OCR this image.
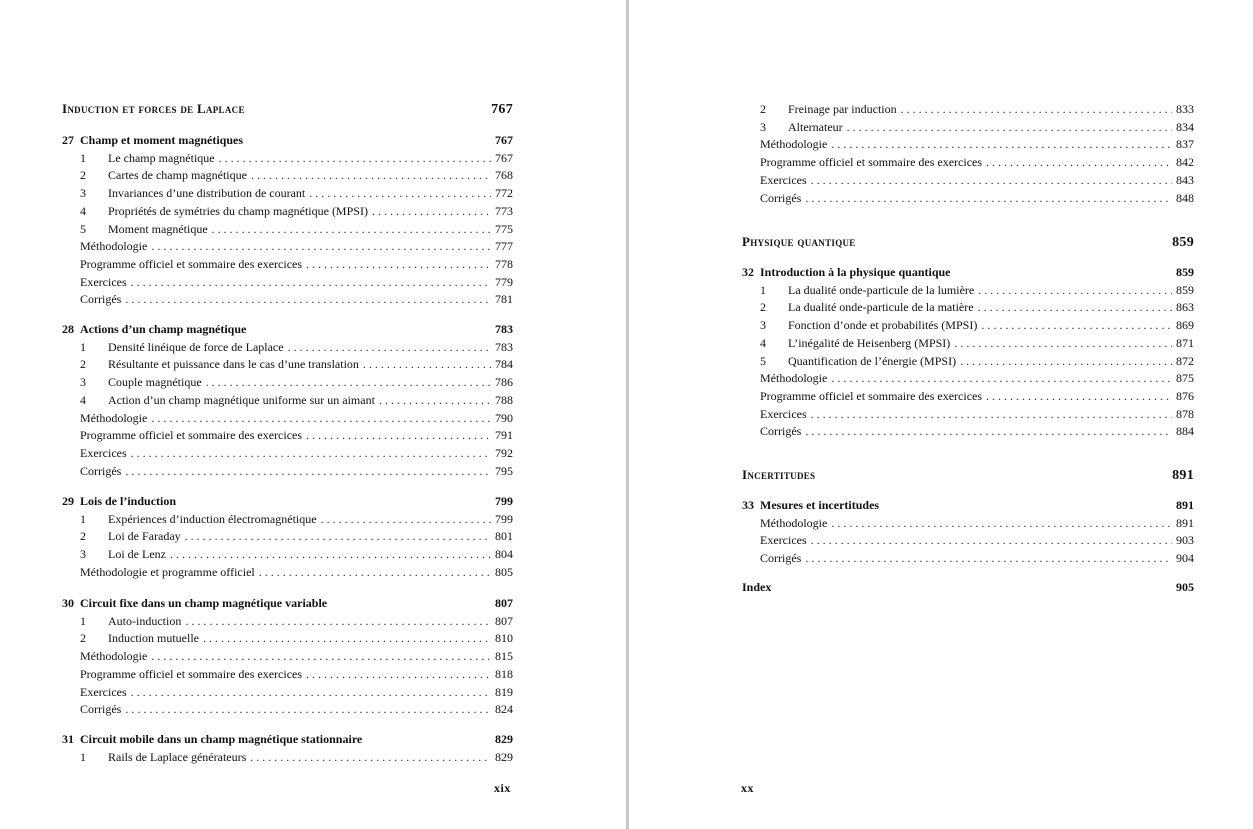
Induction et forces de Laplace	767
27 Champ et moment magnétiques	767
1	Le champ magnétique . . .	767
2	Cartes de champ magnétique . . .	768
3	Invariances d’une distribution de courant . . .	772
4	Propriétés de symétries du champ magnétique (MPSI) . . .	773
5	Moment magnétique . . .	775
Méthodologie . . .	777
Programme officiel et sommaire des exercices . . .	778
Exercices . . .	779
Corrigés . . .	781
28 Actions d’un champ magnétique	783
1	Densité linéique de force de Laplace . . .	783
2	Résultante et puissance dans le cas d’une translation . . .	784
3	Couple magnétique . . .	786
4	Action d’un champ magnétique uniforme sur un aimant . . .	788
Méthodologie . . .	790
Programme officiel et sommaire des exercices . . .	791
Exercices . . .	792
Corrigés . . .	795
29 Lois de l’induction	799
1	Expériences d’induction électromagnétique . . .	799
2	Loi de Faraday . . .	801
3	Loi de Lenz . . .	804
Méthodologie et programme officiel . . .	805
30 Circuit fixe dans un champ magnétique variable	807
1	Auto-induction . . .	807
2	Induction mutuelle . . .	810
Méthodologie . . .	815
Programme officiel et sommaire des exercices . . .	818
Exercices . . .	819
Corrigés . . .	824
31 Circuit mobile dans un champ magnétique stationnaire	829
1	Rails de Laplace générateurs . . .	829
xix
2	Freinage par induction . . .	833
3	Alternateur . . .	834
Méthodologie . . .	837
Programme officiel et sommaire des exercices . . .	842
Exercices . . .	843
Corrigés . . .	848
Physique quantique	859
32 Introduction à la physique quantique	859
1	La dualité onde-particule de la lumière . . .	859
2	La dualité onde-particule de la matière . . .	863
3	Fonction d’onde et probabilités (MPSI) . . .	869
4	L’inégalité de Heisenberg (MPSI) . . .	871
5	Quantification de l’énergie (MPSI) . . .	872
Méthodologie . . .	875
Programme officiel et sommaire des exercices . . .	876
Exercices . . .	878
Corrigés . . .	884
Incertitudes	891
33 Mesures et incertitudes	891
Méthodologie . . .	891
Exercices . . .	903
Corrigés . . .	904
Index	905
xx
